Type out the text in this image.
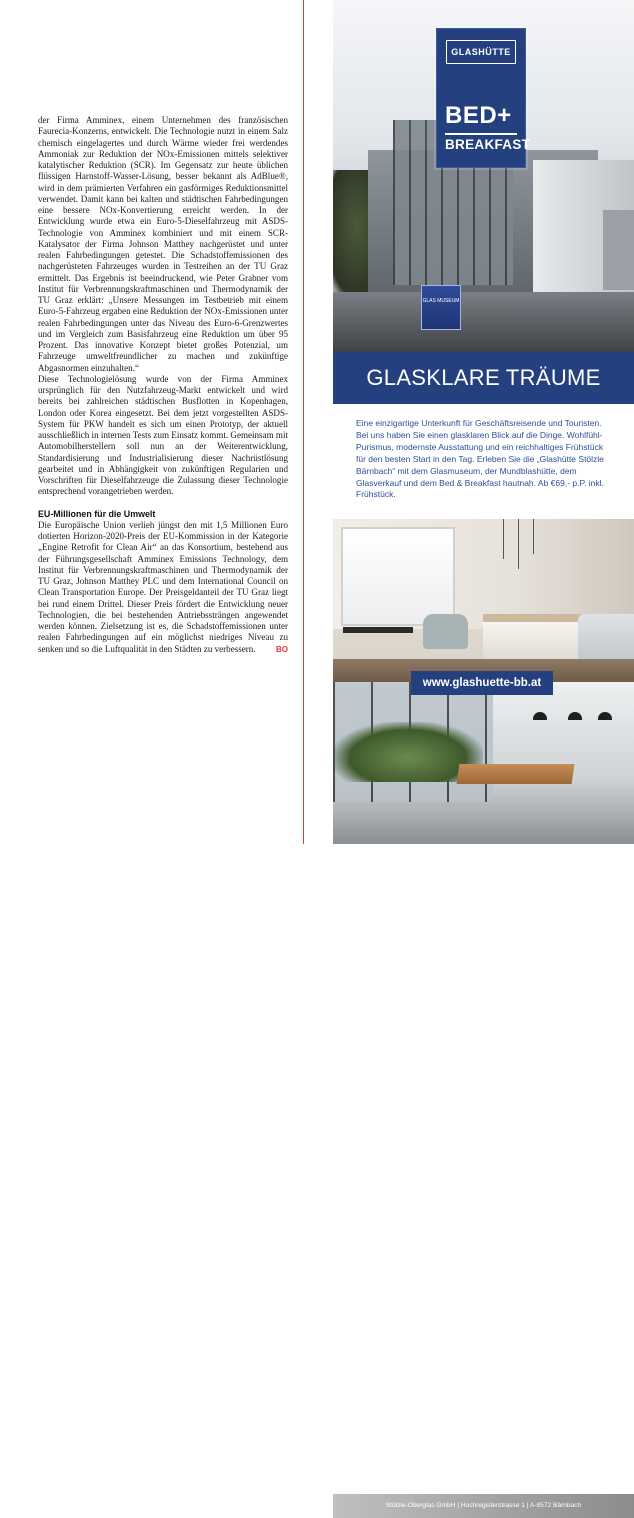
der Firma Amminex, einem Unternehmen des französischen Faurecia-Konzerns, entwickelt. Die Technologie nutzt in einem Salz chemisch eingelagertes und durch Wärme wieder frei werdendes Ammoniak zur Reduktion der NOx-Emissionen mittels selektiver katalytischer Reduktion (SCR). Im Gegensatz zur heute üblichen flüssigen Harnstoff-Wasser-Lösung, besser bekannt als AdBlue®, wird in dem prämierten Verfahren ein gasförmiges Reduktionsmittel verwendet. Damit kann bei kalten und städtischen Fahrbedingungen eine bessere NOx-Konvertierung erreicht werden. In der Entwicklung wurde etwa ein Euro-5-Dieselfahrzeug mit ASDS-Technologie von Amminex kombiniert und mit einem SCR-Katalysator der Firma Johnson Matthey nachgerüstet und unter realen Fahrbedingungen getestet. Die Schadstoffemissionen des nachgerüsteten Fahrzeuges wurden in Testreihen an der TU Graz ermittelt. Das Ergebnis ist beeindruckend, wie Peter Grabner vom Institut für Verbrennungskraftmaschinen und Thermodynamik der TU Graz erklärt: „Unsere Messungen im Testbetrieb mit einem Euro-5-Fahrzeug ergaben eine Reduktion der NOx-Emissionen unter realen Fahrbedingungen unter das Niveau des Euro-6-Grenzwertes und im Vergleich zum Basisfahrzeug eine Reduktion um über 95 Prozent. Das innovative Konzept bietet großes Potenzial, um Fahrzeuge umweltfreundlicher zu machen und zukünftige Abgasnormen einzuhalten.“

Diese Technologielösung wurde von der Firma Amminex ursprünglich für den Nutzfahrzeug-Markt entwickelt und wird bereits bei zahlreichen städtischen Busflotten in Kopenhagen, London oder Korea eingesetzt. Bei dem jetzt vorgestellten ASDS-System für PKW handelt es sich um einen Prototyp, der aktuell ausschließlich in internen Tests zum Einsatz kommt. Gemeinsam mit Automobilherstellern soll nun an der Weiterentwicklung, Standardisierung und Industrialisierung dieser Nachrüstlösung gearbeitet und in Abhängigkeit von zukünftigen Regularien und Vorschriften für Dieselfahrzeuge die Zulassung dieser Technologie entsprechend vorangetrieben werden.

EU-Millionen für die Umwelt

Die Europäische Union verlieh jüngst den mit 1,5 Millionen Euro dotierten Horizon-2020-Preis der EU-Kommission in der Kategorie „Engine Retrofit for Clean Air“ an das Konsortium, bestehend aus der Führungsgesellschaft Amminex Emissions Technology, dem Institut für Verbrennungskraftmaschinen und Thermodynamik der TU Graz, Johnson Matthey PLC und dem International Council on Clean Transportation Europe. Der Preisgeldanteil der TU Graz liegt bei rund einem Drittel. Dieser Preis fördert die Entwicklung neuer Technologien, die bei bestehenden Antriebssträngen angewendet werden können. Zielsetzung ist es, die Schadstoffemissionen unter realen Fahrbedingungen auf ein möglichst niedriges Niveau zu senken und so die Luftqualität in den Städten zu verbessern.	BO

GLAS MUSEUM
GLASHÜTTE
BED+
BREAKFAST
GLASKLARE TRÄUME
Eine einzigartige Unterkunft für Geschäftsreisende und Touristen. Bei uns haben Sie einen glasklaren Blick auf die Dinge. Wohlfühl-Purismus, modernste Ausstattung und ein reichhaltiges Frühstück für den besten Start in den Tag. Erleben Sie die „Glashütte Stölzle Bärnbach“ mit dem Glasmuseum, der Mundblashütte, dem Glasverkauf und dem Bed & Breakfast hautnah. Ab €69,- p.P. inkl. Frühstück.
Stölzle-Oberglas GmbH | Hochregisterstrasse 1 | A-8572 Bärnbach
www.glashuette-bb.at
